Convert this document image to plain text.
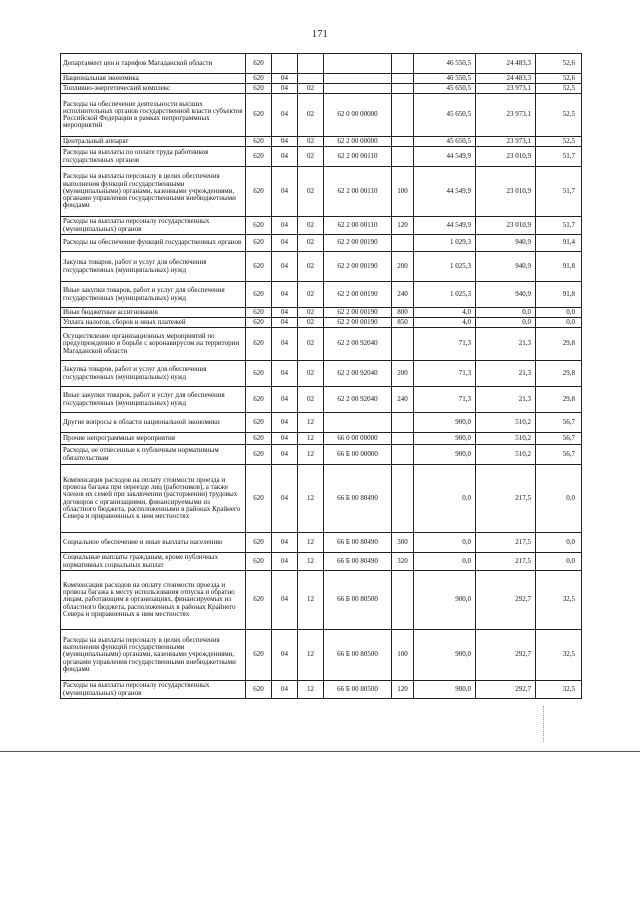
171
Департамент цен и тарифов Магаданской области	620					46 550,5	24 483,3	52,6
Национальная экономика	620	04				46 550,5	24 483,3	52,6
Топливно-энергетический комплекс	620	04	02			45 650,5	23 973,1	52,5
Расходы на обеспечение деятельности высших исполнительных органов государственной власти субъектов Российской Федерации в рамках непрограммных мероприятий	620	04	02	62 0 00 00000		45 650,5	23 973,1	52,5
Центральный аппарат	620	04	02	62 2 00 00000		45 650,5	23 973,1	52,5
Расходы на выплаты по оплате труда работников государственных органов	620	04	02	62 2 00 00110		44 549,9	23 010,9	51,7
Расходы на выплаты персоналу в целях обеспечения выполнения функций государственными (муниципальными) органами, казенными учреждениями, органами управления государственными внебюджетными фондами	620	04	02	62 2 00 00110	100	44 549,9	23 010,9	51,7
Расходы на выплаты персоналу государственных (муниципальных) органов	620	04	02	62 2 00 00110	120	44 549,9	23 010,9	51,7
Расходы на обеспечение функций государственных органов	620	04	02	62 2 00 00190		1 029,3	940,9	91,4
Закупка товаров, работ и услуг для обеспечения государственных (муниципальных) нужд	620	04	02	62 2 00 00190	200	1 025,3	940,9	91,8
Иные закупки товаров, работ и услуг для обеспечения государственных (муниципальных) нужд	620	04	02	62 2 00 00190	240	1 025,3	940,9	91,8
Иные бюджетные ассигнования	620	04	02	62 2 00 00190	800	4,0	0,0	0,0
Уплата налогов, сборов и иных платежей	620	04	02	62 2 00 00190	850	4,0	0,0	0,0
Осуществление организационных мероприятий по предупреждению и борьбе с коронавирусом на территории Магаданской области	620	04	02	62 2 00 92040		71,3	21,3	29,8
Закупка товаров, работ и услуг для обеспечения государственных (муниципальных) нужд	620	04	02	62 2 00 92040	200	71,3	21,3	29,8
Иные закупки товаров, работ и услуг для обеспечения государственных (муниципальных) нужд	620	04	02	62 2 00 92040	240	71,3	21,3	29,8
Другие вопросы в области национальной экономики	620	04	12			900,0	510,2	56,7
Прочие непрограммные мероприятия	620	04	12	66 0 00 00000		900,0	510,2	56,7
Расходы, не отнесенные к публичным нормативным обязательствам	620	04	12	66 Б 00 00000		900,0	510,2	56,7
Компенсация расходов на оплату стоимости проезда и провоза багажа при переезде лиц (работников), а также членов их семей при заключении (расторжении) трудовых договоров с организациями, финансируемыми из областного бюджета, расположенными в районах Крайнего Севера и приравненных к ним местностях	620	04	12	66 Б 00 80490		0,0	217,5	0,0
Социальное обеспечение и иные выплаты населению	620	04	12	66 Б 00 80490	300	0,0	217,5	0,0
Социальные выплаты гражданам, кроме публичных нормативных социальных выплат	620	04	12	66 Б 00 80490	320	0,0	217,5	0,0
Компенсация расходов на оплату стоимости проезда и провоза багажа к месту использования отпуска и обратно лицам, работающим в организациях, финансируемых из областного бюджета, расположенных в районах Крайнего Севера и приравненных к ним местностях	620	04	12	66 Б 00 80500		900,0	292,7	32,5
Расходы на выплаты персоналу в целях обеспечения выполнения функций государственными (муниципальными) органами, казенными учреждениями, органами управления государственными внебюджетными фондами	620	04	12	66 Б 00 80500	100	900,0	292,7	32,5
Расходы на выплаты персоналу государственных (муниципальных) органов	620	04	12	66 Б 00 80500	120	900,0	292,7	32,5
